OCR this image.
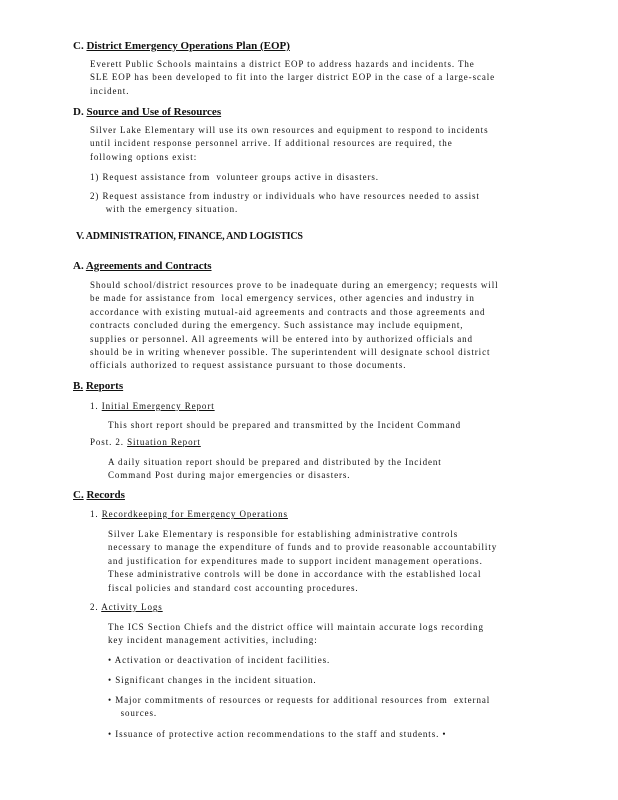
C. District Emergency Operations Plan (EOP)
Everett Public Schools maintains a district EOP to address hazards and incidents. The
SLE EOP has been developed to fit into the larger district EOP in the case of a large-scale
incident.
D. Source and Use of Resources
Silver Lake Elementary will use its own resources and equipment to respond to incidents
until incident response personnel arrive. If additional resources are required, the
following options exist:
1) Request assistance from  volunteer groups active in disasters.
2) Request assistance from industry or individuals who have resources needed to assist
with the emergency situation.
V. ADMINISTRATION, FINANCE, AND LOGISTICS
A. Agreements and Contracts
Should school/district resources prove to be inadequate during an emergency; requests will
be made for assistance from  local emergency services, other agencies and industry in
accordance with existing mutual-aid agreements and contracts and those agreements and
contracts concluded during the emergency. Such assistance may include equipment,
supplies or personnel. All agreements will be entered into by authorized officials and
should be in writing whenever possible. The superintendent will designate school district
officials authorized to request assistance pursuant to those documents.
B. Reports
1. Initial Emergency Report
This short report should be prepared and transmitted by the Incident Command
Post. 2. Situation Report
A daily situation report should be prepared and distributed by the Incident
Command Post during major emergencies or disasters.
C. Records
1. Recordkeeping for Emergency Operations
Silver Lake Elementary is responsible for establishing administrative controls
necessary to manage the expenditure of funds and to provide reasonable accountability
and justification for expenditures made to support incident management operations.
These administrative controls will be done in accordance with the established local
fiscal policies and standard cost accounting procedures.
2. Activity Logs
The ICS Section Chiefs and the district office will maintain accurate logs recording
key incident management activities, including:
• Activation or deactivation of incident facilities.
• Significant changes in the incident situation.
• Major commitments of resources or requests for additional resources from  external
sources.
• Issuance of protective action recommendations to the staff and students. •
